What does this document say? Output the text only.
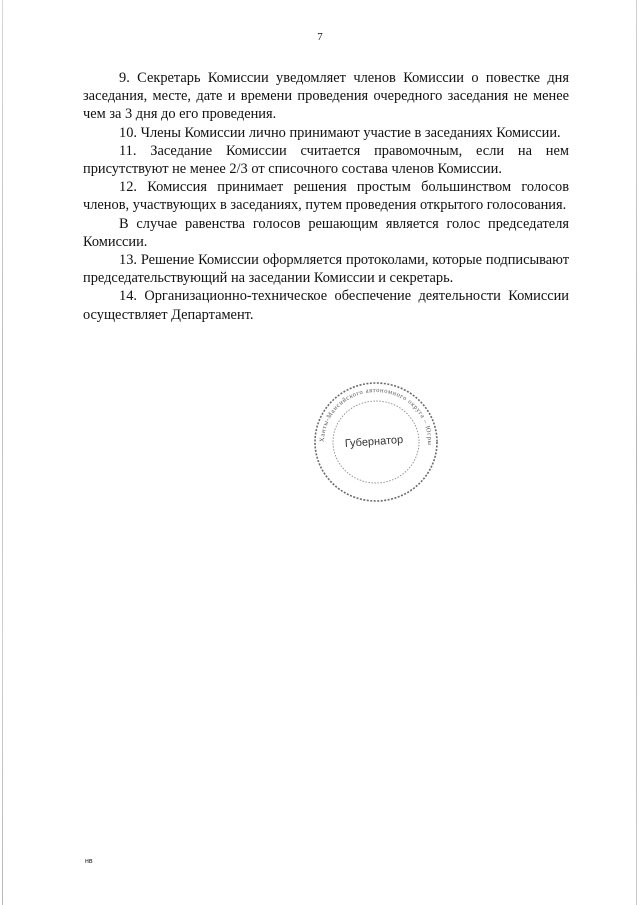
7

9. Секретарь Комиссии уведомляет членов Комиссии о повестке дня заседания, месте, дате и времени проведения очередного заседания не менее чем за 3 дня до его проведения.

10. Члены Комиссии лично принимают участие в заседаниях Комиссии.

11. Заседание Комиссии считается правомочным, если на нем присутствуют не менее 2/3 от списочного состава членов Комиссии.

12. Комиссия принимает решения простым большинством голосов членов, участвующих в заседаниях, путем проведения открытого голосования.

В случае равенства голосов решающим является голос председателя Комиссии.

13. Решение Комиссии оформляется протоколами, которые подписывают председательствующий на заседании Комиссии и секретарь.

14. Организационно-техническое обеспечение деятельности Комиссии осуществляет Департамент.

Ханты-Мансийского автономного округа – Югры
Губернатор
нв
